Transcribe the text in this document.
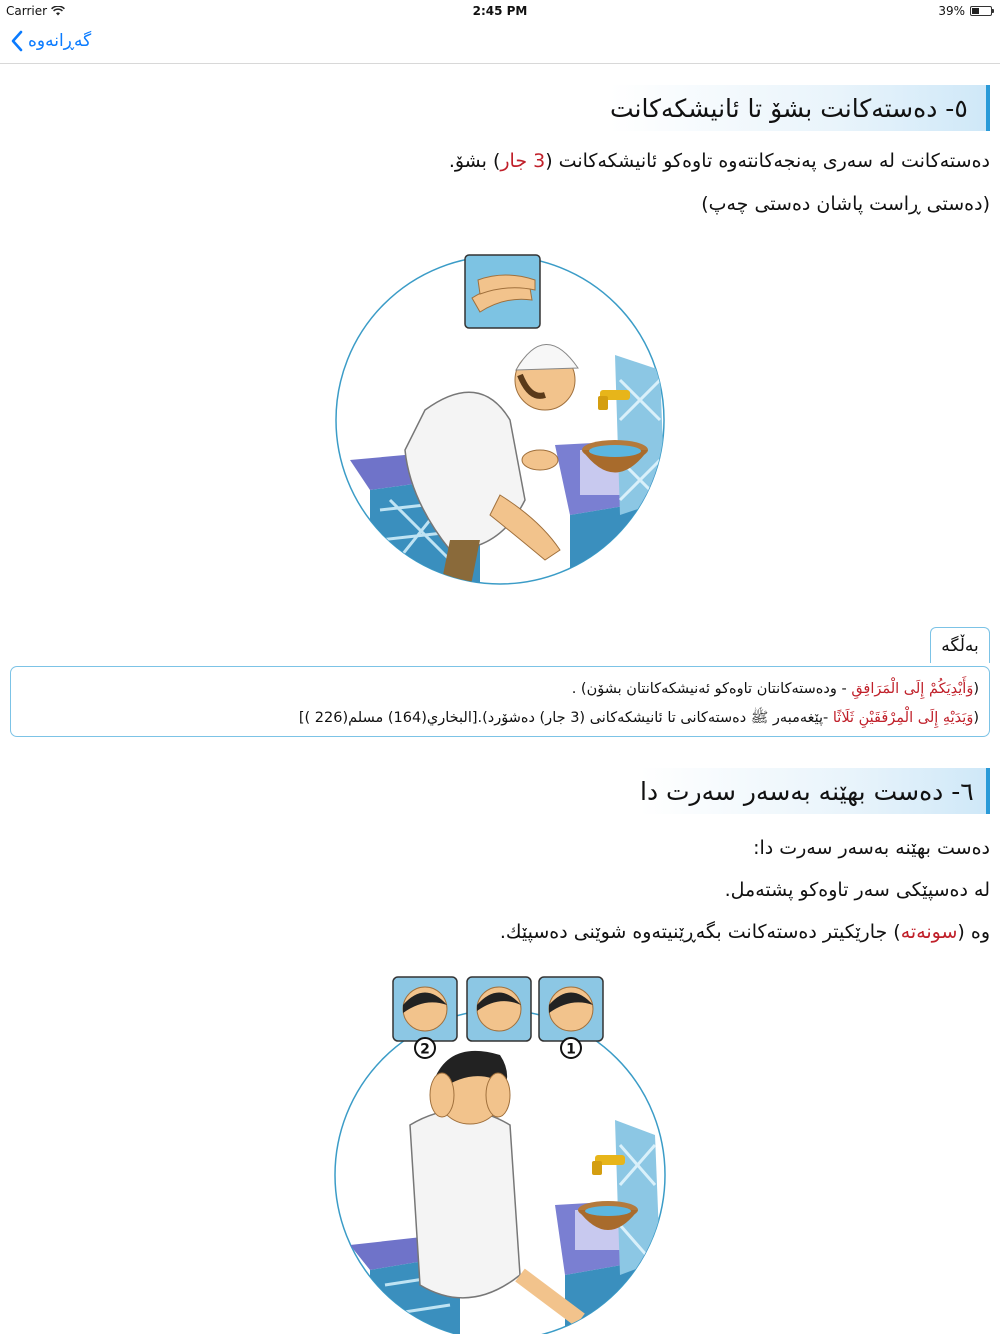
Carrier	2:45 PM	39%
گەڕانەوە
٥- دەستەكانت بشۆ تا ئانیشكەكانت
دەستەكانت لە سەری پەنجەكانتەوە تاوەكو ئانیشكەكانت (3 جار) بشۆ.
(دەستی ڕاست پاشان دەستی چەپ)
بەڵگە
(وَأَيْدِيَكُمْ إِلَى الْمَرَافِقِ - ودەستەكانتان تاوەكو ئەنیشكەكانتان بشۆن) .
(وَيَدَيْهِ إِلَى الْمِرْفَقَيْنِ ثَلَاثًا -پێغەمبەر ﷺ دەستەكانی تا ئانیشكەكانی (3 جار) دەشۆرد).[البخاري(164) مسلم(226 )]
٦- دەست بهێنە بەسەر سەرت دا
دەست بهێنە بەسەر سەرت دا:
لە دەسپێكی سەر تاوەكو پشتەمل.
وە (سونەتە) جارێكیتر دەستەكانت بگەڕێنیتەوە شوێنی دەسپێك.
2	1
